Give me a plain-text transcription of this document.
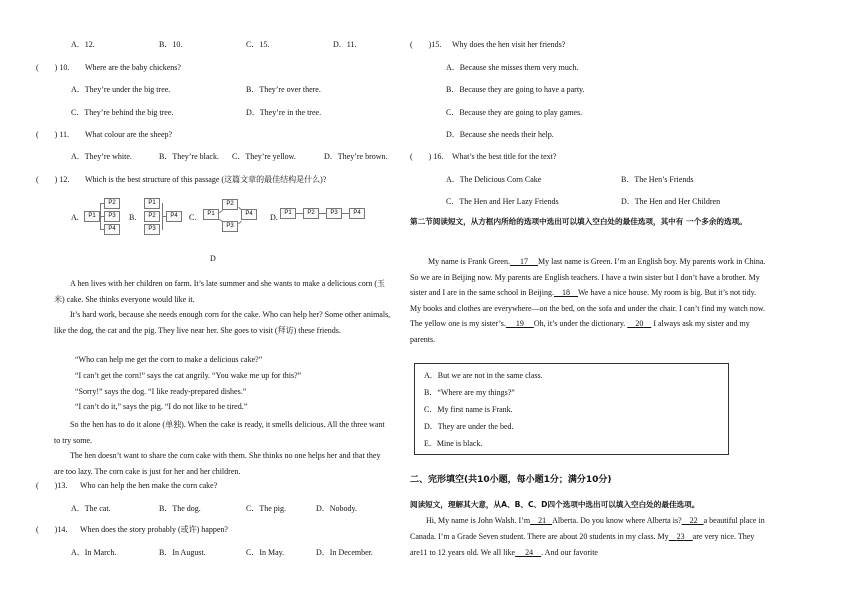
A．12.	B．10.	C．15.	D．11.
(　　) 10. Where are the baby chickens?
A．They’re under the big tree.	B．They’re over there.
C．They’re behind the big tree.	D．They’re in the tree.
(　　) 11. What colour are the sheep?
A．They’re white.	B．They’re black. C．They’re yellow.	D．They’re brown.
(　　) 12. Which is the best structure of this passage (这篇文章的最佳结构是什么)?
A.	P1
P2
P3
P4
B.
P1
P2
P3
P4	C.	P1
P2
P3
P4	D.	P1	P2	P3	P4
D
A hen lives with her children on farm. It’s late summer and she wants to make a delicious corn (玉米) cake. She thinks everyone would like it.
It’s hard work, because she needs enough corn for the cake. Who can help her? Some other animals, like the dog, the cat and the pig. They live near her. She goes to visit (拜访) these friends.
“Who can help me get the corn to make a delicious cake?”
“I can’t get the corn!” says the cat angrily. “You wake me up for this?”
“Sorry!” says the dog. “I like ready-prepared dishes.”
“I can’t do it,” says the pig. “I do not like to be tired.”
So the hen has to do it alone (单独). When the cake is ready, it smells delicious. All the three want to try some.
The hen doesn’t want to share the corn cake with them. She thinks no one helps her and that they are too lazy. The corn cake is just for her and her children.
(　　)13. Who can help the hen make the corn cake?
A．The cat.	B．The dog.	C．The pig.	D．Nobody.
(　　)14. When does the story probably (或许) happen?
A．In March.	B．In August.	C．In May.	D．In December.
(　　)15. Why does the hen visit her friends?
A．Because she misses them very much.
B．Because they are going to have a party.
C．Because they are going to play games.
D．Because she needs their help.
(　　) 16. What’s the best title for the text?
A．The Delicious Corn Cake	B．The Hen’s Friends
C．The Hen and Her Lazy Friends	D．The Hen and Her Children
第二节阅读短文，从方框内所给的选项中选出可以填入空白处的最佳选项，其中有 一个多余的选项。
My name is Frank Green. 17 My last name is Green. I’m an English boy. My parents work in China. So we are in Beijing now. My parents are English teachers. I have a twin sister but I don’t have a brother. My sister and I are in the same school in Beijing. 18 We have a nice house. My room is big. But it’s not tidy. My books and clothes are everywhere—on the bed, on the sofa and under the chair. I can’t find my watch now. The yellow one is my sister’s. 19 Oh, it’s under the dictionary. 20 I always ask my sister and my parents.
A．But we are not in the same class.
B．“Where are my things?”
C．My first name is Frank.
D．They are under the bed.
E．Mine is black.
二、完形填空(共10小题，每小题1分；满分10分)
阅读短文，理解其大意，从A、B、C、D四个选项中选出可以填入空白处的最佳选项。
Hi, My name is John Walsh. I’m 21 Alberta. Do you know where Alberta is? 22 a beautiful place in Canada. I’m a Grade Seven student. There are about 20 students in my class. My 23 are very nice. They are11 to 12 years old. We all like 24 . And our favorite
